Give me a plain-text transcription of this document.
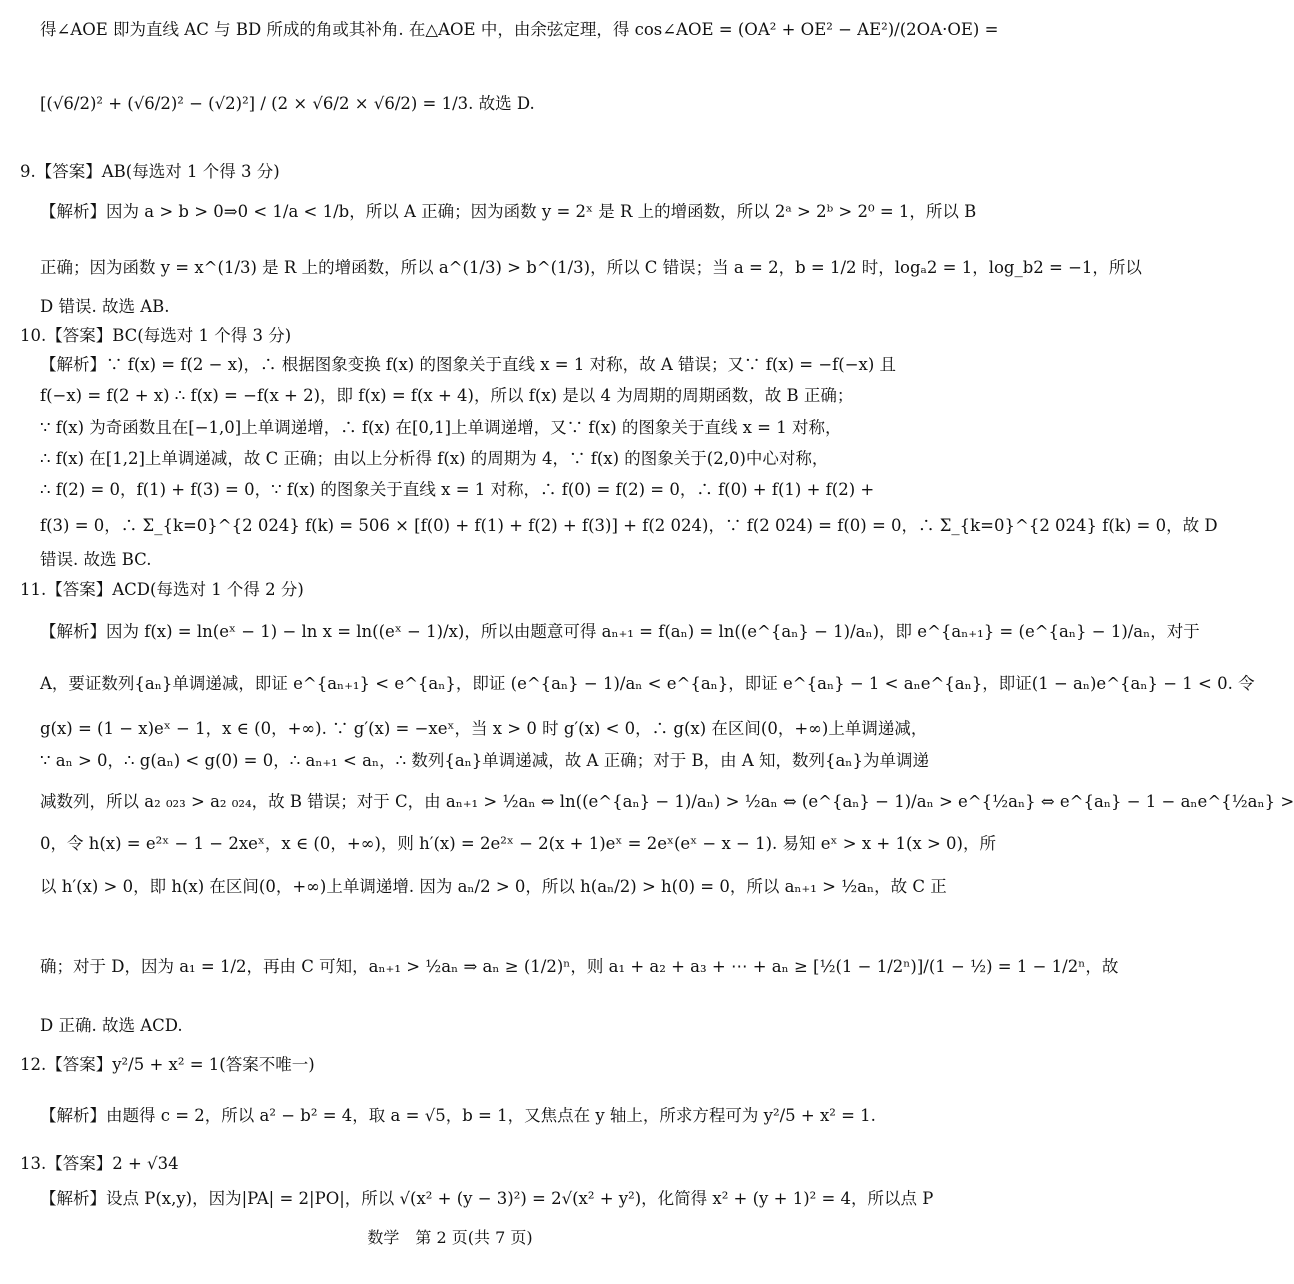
得∠AOE 即为直线 AC 与 BD 所成的角或其补角. 在△AOE 中，由余弦定理，得 cos∠AOE = (OA² + OE² − AE²)/(2OA·OE) =
[(√6/2)² + (√6/2)² − (√2)²] / (2 × √6/2 × √6/2) = 1/3. 故选 D.
9.【答案】AB(每选对 1 个得 3 分)
【解析】因为 a > b > 0⇒0 < 1/a < 1/b，所以 A 正确；因为函数 y = 2ˣ 是 R 上的增函数，所以 2ᵃ > 2ᵇ > 2⁰ = 1，所以 B
正确；因为函数 y = x^(1/3) 是 R 上的增函数，所以 a^(1/3) > b^(1/3)，所以 C 错误；当 a = 2，b = 1/2 时，logₐ2 = 1，log_b2 = −1，所以
D 错误. 故选 AB.
10.【答案】BC(每选对 1 个得 3 分)
【解析】∵ f(x) = f(2 − x)，∴ 根据图象变换 f(x) 的图象关于直线 x = 1 对称，故 A 错误；又∵ f(x) = −f(−x) 且
f(−x) = f(2 + x) ∴ f(x) = −f(x + 2)，即 f(x) = f(x + 4)，所以 f(x) 是以 4 为周期的周期函数，故 B 正确；
∵ f(x) 为奇函数且在[−1,0]上单调递增，∴ f(x) 在[0,1]上单调递增，又∵ f(x) 的图象关于直线 x = 1 对称，
∴ f(x) 在[1,2]上单调递减，故 C 正确；由以上分析得 f(x) 的周期为 4，∵ f(x) 的图象关于(2,0)中心对称，
∴ f(2) = 0，f(1) + f(3) = 0，∵ f(x) 的图象关于直线 x = 1 对称，∴ f(0) = f(2) = 0，∴ f(0) + f(1) + f(2) +
f(3) = 0，∴ Σ_{k=0}^{2 024} f(k) = 506 × [f(0) + f(1) + f(2) + f(3)] + f(2 024)，∵ f(2 024) = f(0) = 0，∴ Σ_{k=0}^{2 024} f(k) = 0，故 D
错误. 故选 BC.
11.【答案】ACD(每选对 1 个得 2 分)
【解析】因为 f(x) = ln(eˣ − 1) − ln x = ln((eˣ − 1)/x)，所以由题意可得 aₙ₊₁ = f(aₙ) = ln((e^{aₙ} − 1)/aₙ)，即 e^{aₙ₊₁} = (e^{aₙ} − 1)/aₙ，对于
A，要证数列{aₙ}单调递减，即证 e^{aₙ₊₁} < e^{aₙ}，即证 (e^{aₙ} − 1)/aₙ < e^{aₙ}，即证 e^{aₙ} − 1 < aₙe^{aₙ}，即证(1 − aₙ)e^{aₙ} − 1 < 0. 令
g(x) = (1 − x)eˣ − 1，x ∈ (0，+∞). ∵ g′(x) = −xeˣ，当 x > 0 时 g′(x) < 0，∴ g(x) 在区间(0，+∞)上单调递减，
∵ aₙ > 0，∴ g(aₙ) < g(0) = 0，∴ aₙ₊₁ < aₙ，∴ 数列{aₙ}单调递减，故 A 正确；对于 B，由 A 知，数列{aₙ}为单调递
减数列，所以 a₂ ₀₂₃ > a₂ ₀₂₄，故 B 错误；对于 C，由 aₙ₊₁ > ½aₙ ⇔ ln((e^{aₙ} − 1)/aₙ) > ½aₙ ⇔ (e^{aₙ} − 1)/aₙ > e^{½aₙ} ⇔ e^{aₙ} − 1 − aₙe^{½aₙ} >
0，令 h(x) = e²ˣ − 1 − 2xeˣ，x ∈ (0，+∞)，则 h′(x) = 2e²ˣ − 2(x + 1)eˣ = 2eˣ(eˣ − x − 1). 易知 eˣ > x + 1(x > 0)，所
以 h′(x) > 0，即 h(x) 在区间(0，+∞)上单调递增. 因为 aₙ/2 > 0，所以 h(aₙ/2) > h(0) = 0，所以 aₙ₊₁ > ½aₙ，故 C 正
确；对于 D，因为 a₁ = 1/2，再由 C 可知，aₙ₊₁ > ½aₙ ⇒ aₙ ≥ (1/2)ⁿ，则 a₁ + a₂ + a₃ + ⋯ + aₙ ≥ [½(1 − 1/2ⁿ)]/(1 − ½) = 1 − 1/2ⁿ，故
D 正确. 故选 ACD.
12.【答案】y²/5 + x² = 1(答案不唯一)
【解析】由题得 c = 2，所以 a² − b² = 4，取 a = √5，b = 1，又焦点在 y 轴上，所求方程可为 y²/5 + x² = 1.
13.【答案】2 + √34
【解析】设点 P(x,y)，因为|PA| = 2|PO|，所以 √(x² + (y − 3)²) = 2√(x² + y²)，化简得 x² + (y + 1)² = 4，所以点 P
数学　第 2 页(共 7 页)
